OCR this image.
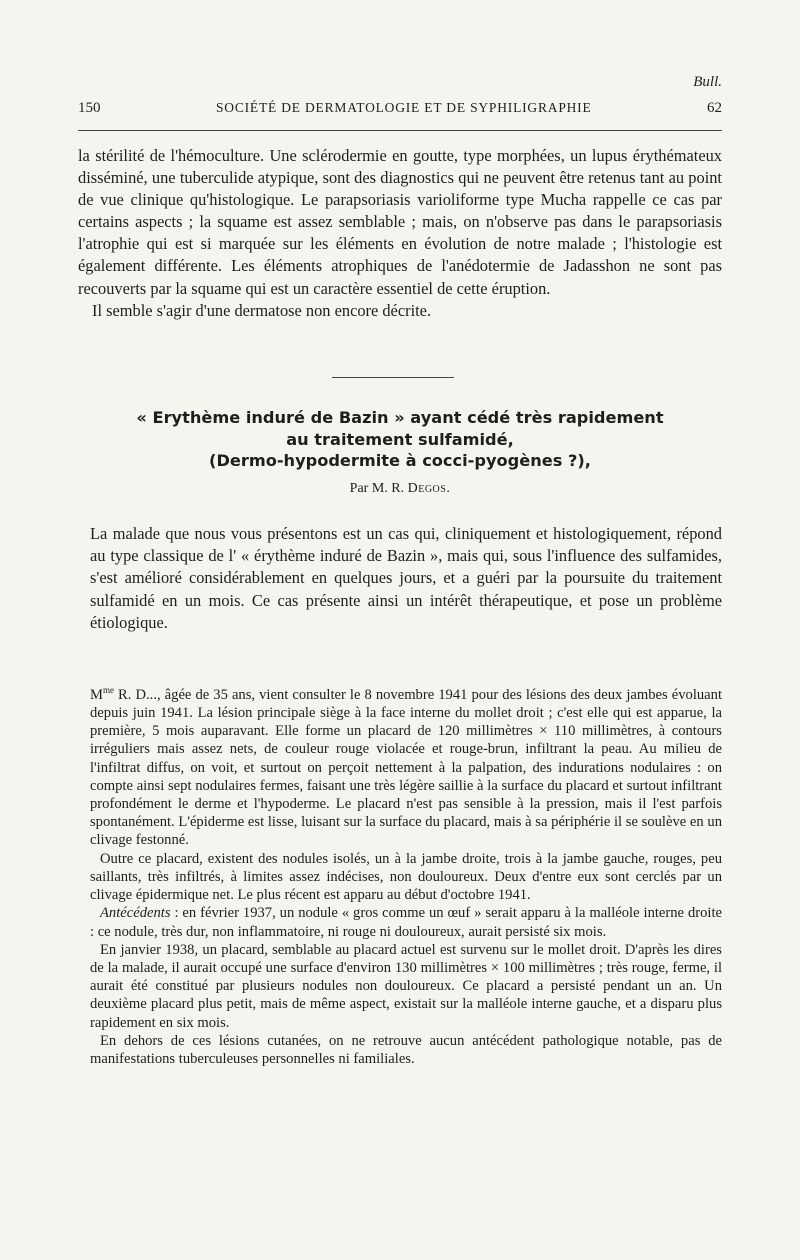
Bull.
150	SOCIÉTÉ DE DERMATOLOGIE ET DE SYPHILIGRAPHIE	62

la stérilité de l'hémoculture. Une sclérodermie en goutte, type morphées, un lupus érythémateux disséminé, une tuberculide atypique, sont des diagnostics qui ne peuvent être retenus tant au point de vue clinique qu'histologique. Le parapsoriasis varioliforme type Mucha rappelle ce cas par certains aspects ; la squame est assez semblable ; mais, on n'observe pas dans le parapsoriasis l'atrophie qui est si marquée sur les éléments en évolution de notre malade ; l'histologie est également différente. Les éléments atrophiques de l'anédotermie de Jadasshon ne sont pas recouverts par la squame qui est un caractère essentiel de cette éruption.

Il semble s'agir d'une dermatose non encore décrite.

« Erythème induré de Bazin » ayant cédé très rapidement
au traitement sulfamidé,
(Dermo-hypodermite à cocci-pyogènes ?),
Par M. R. Degos.

La malade que nous vous présentons est un cas qui, cliniquement et histologiquement, répond au type classique de l' « érythème induré de Bazin », mais qui, sous l'influence des sulfamides, s'est amélioré considérablement en quelques jours, et a guéri par la poursuite du traitement sulfamidé en un mois. Ce cas présente ainsi un intérêt thérapeutique, et pose un problème étiologique.

$M^{me}$ R. D..., âgée de 35 ans, vient consulter le 8 novembre 1941 pour des lésions des deux jambes évoluant depuis juin 1941. La lésion principale siège à la face interne du mollet droit ; c'est elle qui est apparue, la première, 5 mois auparavant. Elle forme un placard de 120 millimètres × 110 millimètres, à contours irréguliers mais assez nets, de couleur rouge violacée et rouge-brun, infiltrant la peau. Au milieu de l'infiltrat diffus, on voit, et surtout on perçoit nettement à la palpation, des indurations nodulaires : on compte ainsi sept nodulaires fermes, faisant une très légère saillie à la surface du placard et surtout infiltrant profondément le derme et l'hypoderme. Le placard n'est pas sensible à la pression, mais il l'est parfois spontanément. L'épiderme est lisse, luisant sur la surface du placard, mais à sa périphérie il se soulève en un clivage festonné.

Outre ce placard, existent des nodules isolés, un à la jambe droite, trois à la jambe gauche, rouges, peu saillants, très infiltrés, à limites assez indécises, non douloureux. Deux d'entre eux sont cerclés par un clivage épidermique net. Le plus récent est apparu au début d'octobre 1941.

Antécédents : en février 1937, un nodule « gros comme un œuf » serait apparu à la malléole interne droite : ce nodule, très dur, non inflammatoire, ni rouge ni douloureux, aurait persisté six mois.

En janvier 1938, un placard, semblable au placard actuel est survenu sur le mollet droit. D'après les dires de la malade, il aurait occupé une surface d'environ 130 millimètres × 100 millimètres ; très rouge, ferme, il aurait été constitué par plusieurs nodules non douloureux. Ce placard a persisté pendant un an. Un deuxième placard plus petit, mais de même aspect, existait sur la malléole interne gauche, et a disparu plus rapidement en six mois.

En dehors de ces lésions cutanées, on ne retrouve aucun antécédent pathologique notable, pas de manifestations tuberculeuses personnelles ni familiales.
